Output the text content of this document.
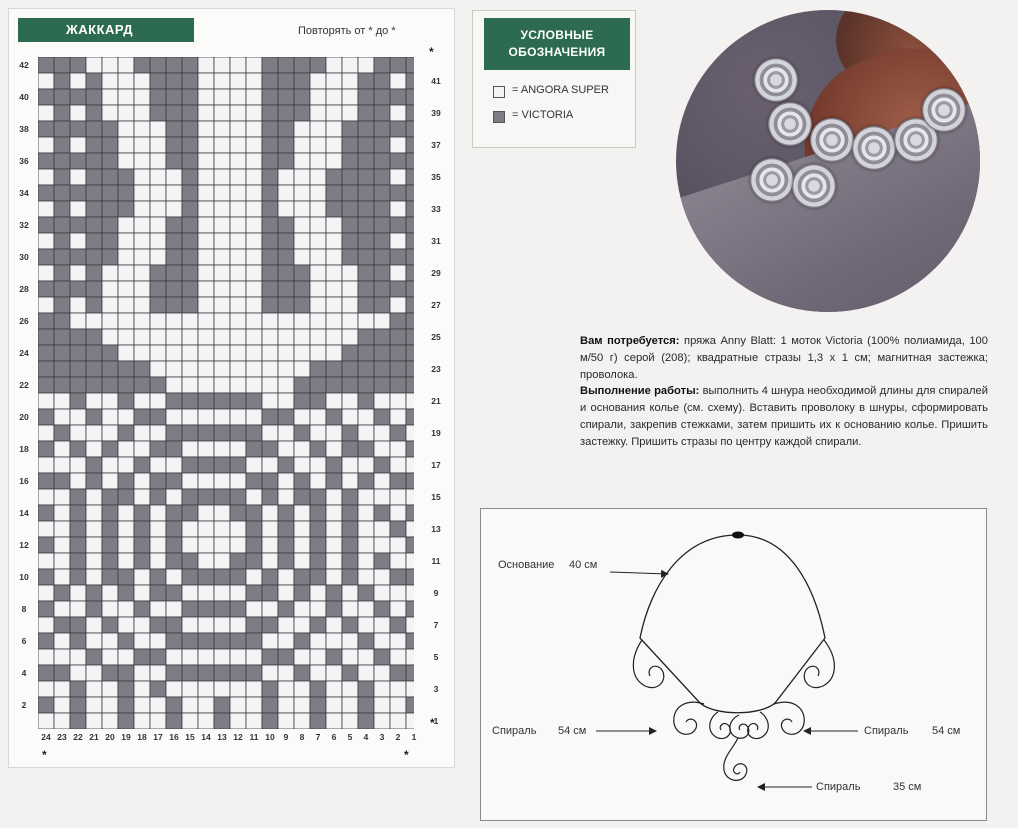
ЖАККАРД	Повторять от * до *
*
*
*	*
42
40
38
36
34
32
30
28
26
24
22
20
18
16
14
12
10
8
6
4
2
41
39
37
35
33
31
29
27
25
23
21
19
17
15
13
11
9
7
5
3
1
24 23 22 21 20 19 18 17 16 15 14 13 12 11 10	9	8	7	6	5	4	3	2	1
УСЛОВНЫЕ
ОБОЗНАЧЕНИЯ
= ANGORA SUPER
= VICTORIA
Вам потребуется: пряжа Anny Blatt: 1 моток Victoria (100% полиамида, 100 м/50 г) серой (208); квадратные стразы 1,3 х 1 см; магнитная застежка; проволока.
Выполнение работы: выполнить 4 шнура необходимой длины для спиралей и основания колье (см. схему). Вставить проволоку в шнуры, сформировать спирали, закрепив стежками, затем пришить их к основанию колье. Пришить застежку. Пришить стразы по центру каждой спирали.
Основание 40 см
Спираль 54 см	Спираль 54 см
Спираль	35 см
